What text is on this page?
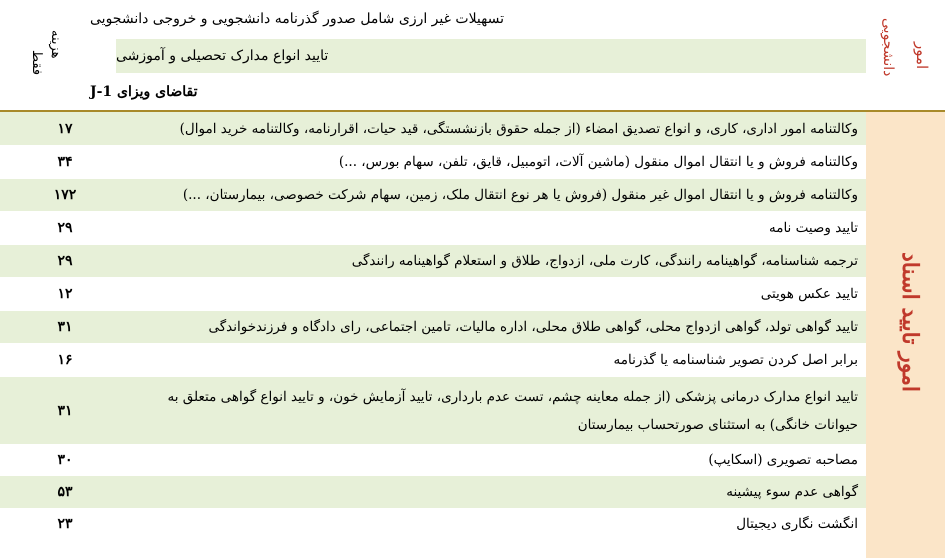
امور
دانشجویی
تسهیلات غیر ارزی شامل صدور گذرنامه دانشجویی و خروجی دانشجویی
تایید انواع مدارک تحصیلی و آموزشی
تقاضای ویزای J-1
هزینه
فقط
امور تایید اسناد
وکالتنامه امور اداری، کاری، و انواع تصدیق امضاء (از جمله حقوق بازنشستگی، قید حیات، اقرارنامه، وکالتنامه خرید اموال)
۱۷
وکالتنامه فروش و یا انتقال اموال منقول (ماشین آلات، اتومبیل، قایق، تلفن، سهام بورس، ...)
۳۴
وکالتنامه فروش و یا انتقال اموال غیر منقول (فروش یا هر نوع انتقال ملک، زمین، سهام شرکت خصوصی، بیمارستان، ...)
۱۷۲
تایید وصیت نامه
۲۹
ترجمه شناسنامه، گواهینامه رانندگی، کارت ملی، ازدواج، طلاق و استعلام گواهینامه رانندگی
۲۹
تایید عکس هویتی
۱۲
تایید گواهی تولد، گواهی ازدواج محلی، گواهی طلاق محلی، اداره مالیات، تامین اجتماعی، رای دادگاه و فرزندخواندگی
۳۱
برابر اصل کردن تصویر شناسنامه یا گذرنامه
۱۶
تایید انواع مدارک درمانی پزشکی (از جمله معاینه چشم، تست عدم بارداری، تایید آزمایش خون، و تایید انواع گواهی متعلق به حیوانات خانگی) به استثنای صورتحساب بیمارستان
۳۱
مصاحبه تصویری (اسکایپ)
۳۰
گواهی عدم سوء پیشینه
۵۳
انگشت نگاری دیجیتال
۲۳
